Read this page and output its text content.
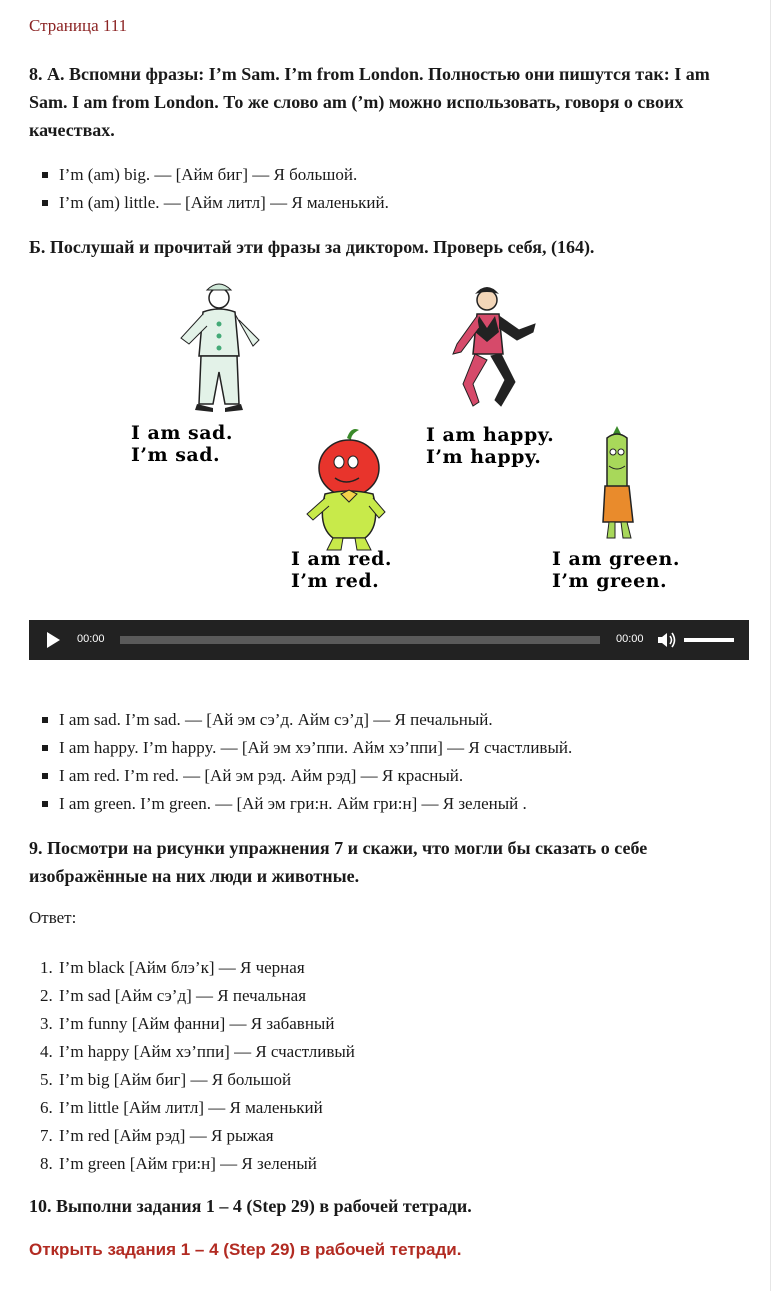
Страница 111

8. А. Вспомни фразы: I’m Sam. I’m from London. Полностью они пишутся так: I am Sam. I am from London. То же слово am (’m) можно использовать, говоря о своих качествах.

I’m (am) big. — [Айм биг] — Я большой.
I’m (am) little. — [Айм литл] — Я маленький.

Б. Послушай и прочитай эти фразы за диктором. Проверь себя, (164).

I am sad.
I’m sad.
I am happy.
I’m happy.
I am red.
I’m red.
I am green.
I’m green.
00:00	00:00
I am sad. I’m sad. — [Ай эм сэ’д. Айм сэ’д] — Я печальный.
I am happy. I’m happy. — [Ай эм хэ’ппи. Айм хэ’ппи] — Я счастливый.
I am red. I’m red. — [Ай эм рэд. Айм рэд] — Я красный.
I am green. I’m green. — [Ай эм гри:н. Айм гри:н] — Я зеленый .

9. Посмотри на рисунки упражнения 7 и скажи, что могли бы сказать о себе изображённые на них люди и животные.

Ответ:
1. I’m black [Айм блэ’к] — Я черная
2. I’m sad [Айм сэ’д] — Я печальная
3. I’m funny [Айм фанни] — Я забавный
4. I’m happy [Айм хэ’ппи] — Я счастливый
5. I’m big [Айм биг] — Я большой
6. I’m little [Айм литл] — Я маленький
7. I’m red [Айм рэд] — Я рыжая
8. I’m green [Айм гри:н] — Я зеленый

10. Выполни задания 1 – 4 (Step 29) в рабочей тетради.

Открыть задания 1 – 4 (Step 29) в рабочей тетради.
